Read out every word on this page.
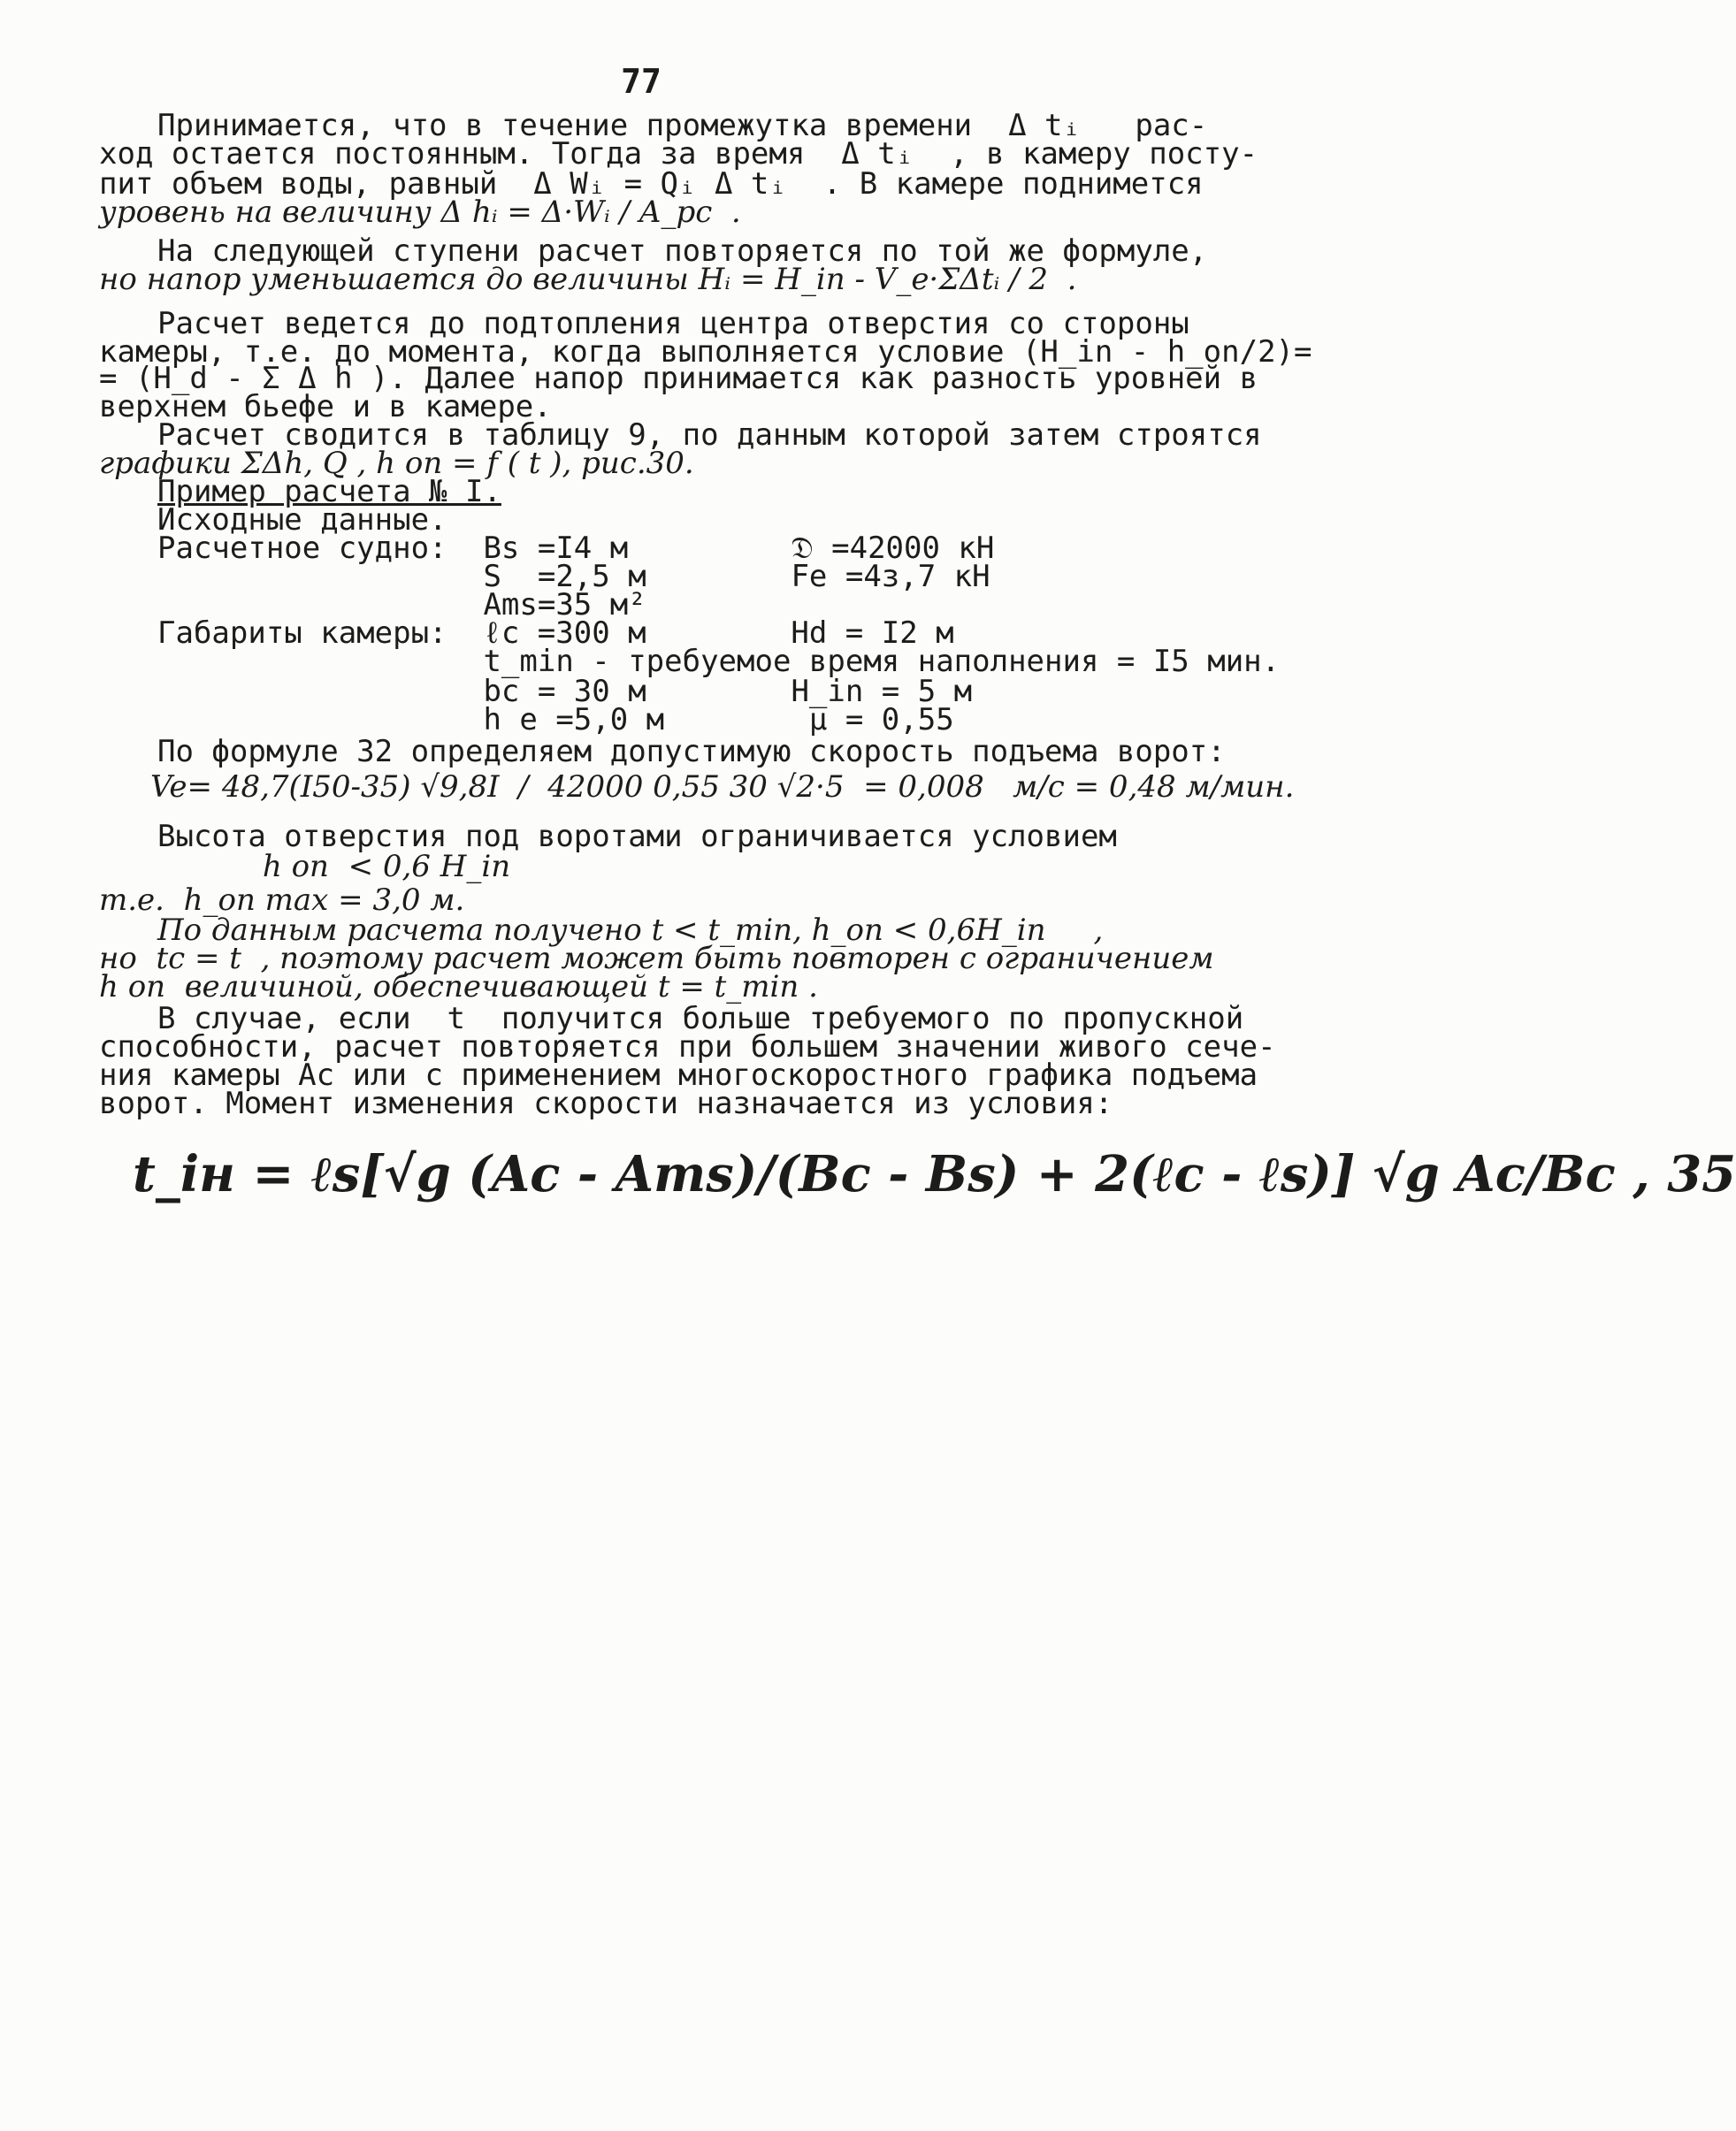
77
Принимается, что в течение промежутка времени  Δ tᵢ   рас-
ход остается постоянным. Тогда за время  Δ tᵢ  , в камеру посту-
пит объем воды, равный  Δ Wᵢ = Qᵢ Δ tᵢ  . В камере поднимется
уровень на величину Δ hᵢ = Δ·Wᵢ / A_pc  .
На следующей ступени расчет повторяется по той же формуле,
но напор уменьшается до величины Hᵢ = H_in - V_e·ΣΔtᵢ / 2  .
Расчет ведется до подтопления центра отверстия со стороны
камеры, т.е. до момента, когда выполняется условие (H_in - h_on/2)=
= (H_d - Σ Δ h ). Далее напор принимается как разность уровней в
верхнем бьефе и в камере.
Расчет сводится в таблицу 9, по данным которой затем строятся
графики ΣΔh, Q , h оп = f ( t ), рис.30.
Пример расчета № I.
Исходные данные.
Расчетное судно:  Bs =I4 м         𝔇 =42000 кН
S  =2,5 м        Fe =4з,7 кН
Ams=35 м²
Габариты камеры:  ℓc =300 м        Hd = I2 м
t_min - требуемое время наполнения = I5 мин.
bc = 30 м        H_in = 5 м
h e =5,0 м        μ = 0,55
По формуле 32 определяем допустимую скорость подъема ворот:
Ve= 48,7(I50-35) √9,8I  /  42000 0,55 30 √2·5  = 0,008   м/с = 0,48 м/мин.
Высота отверстия под воротами ограничивается условием
h оп  < 0,6 H_in
т.е.  h_on max = 3,0 м.
По данным расчета получено t < t_min, h_on < 0,6H_in     ,
но  tc = t  , поэтому расчет может быть повторен с ограничением
h оп  величиной, обеспечивающей t = t_min .
В случае, если  t  получится больше требуемого по пропускной
способности, расчет повторяется при большем значении живого сече-
ния камеры Ac или с применением многоскоростного графика подъема
ворот. Момент изменения скорости назначается из условия:
t_iн = ℓs[√g (Ac - Ams)/(Bc - Bs) + 2(ℓc - ℓs)] √g Ac/Bc , 35
